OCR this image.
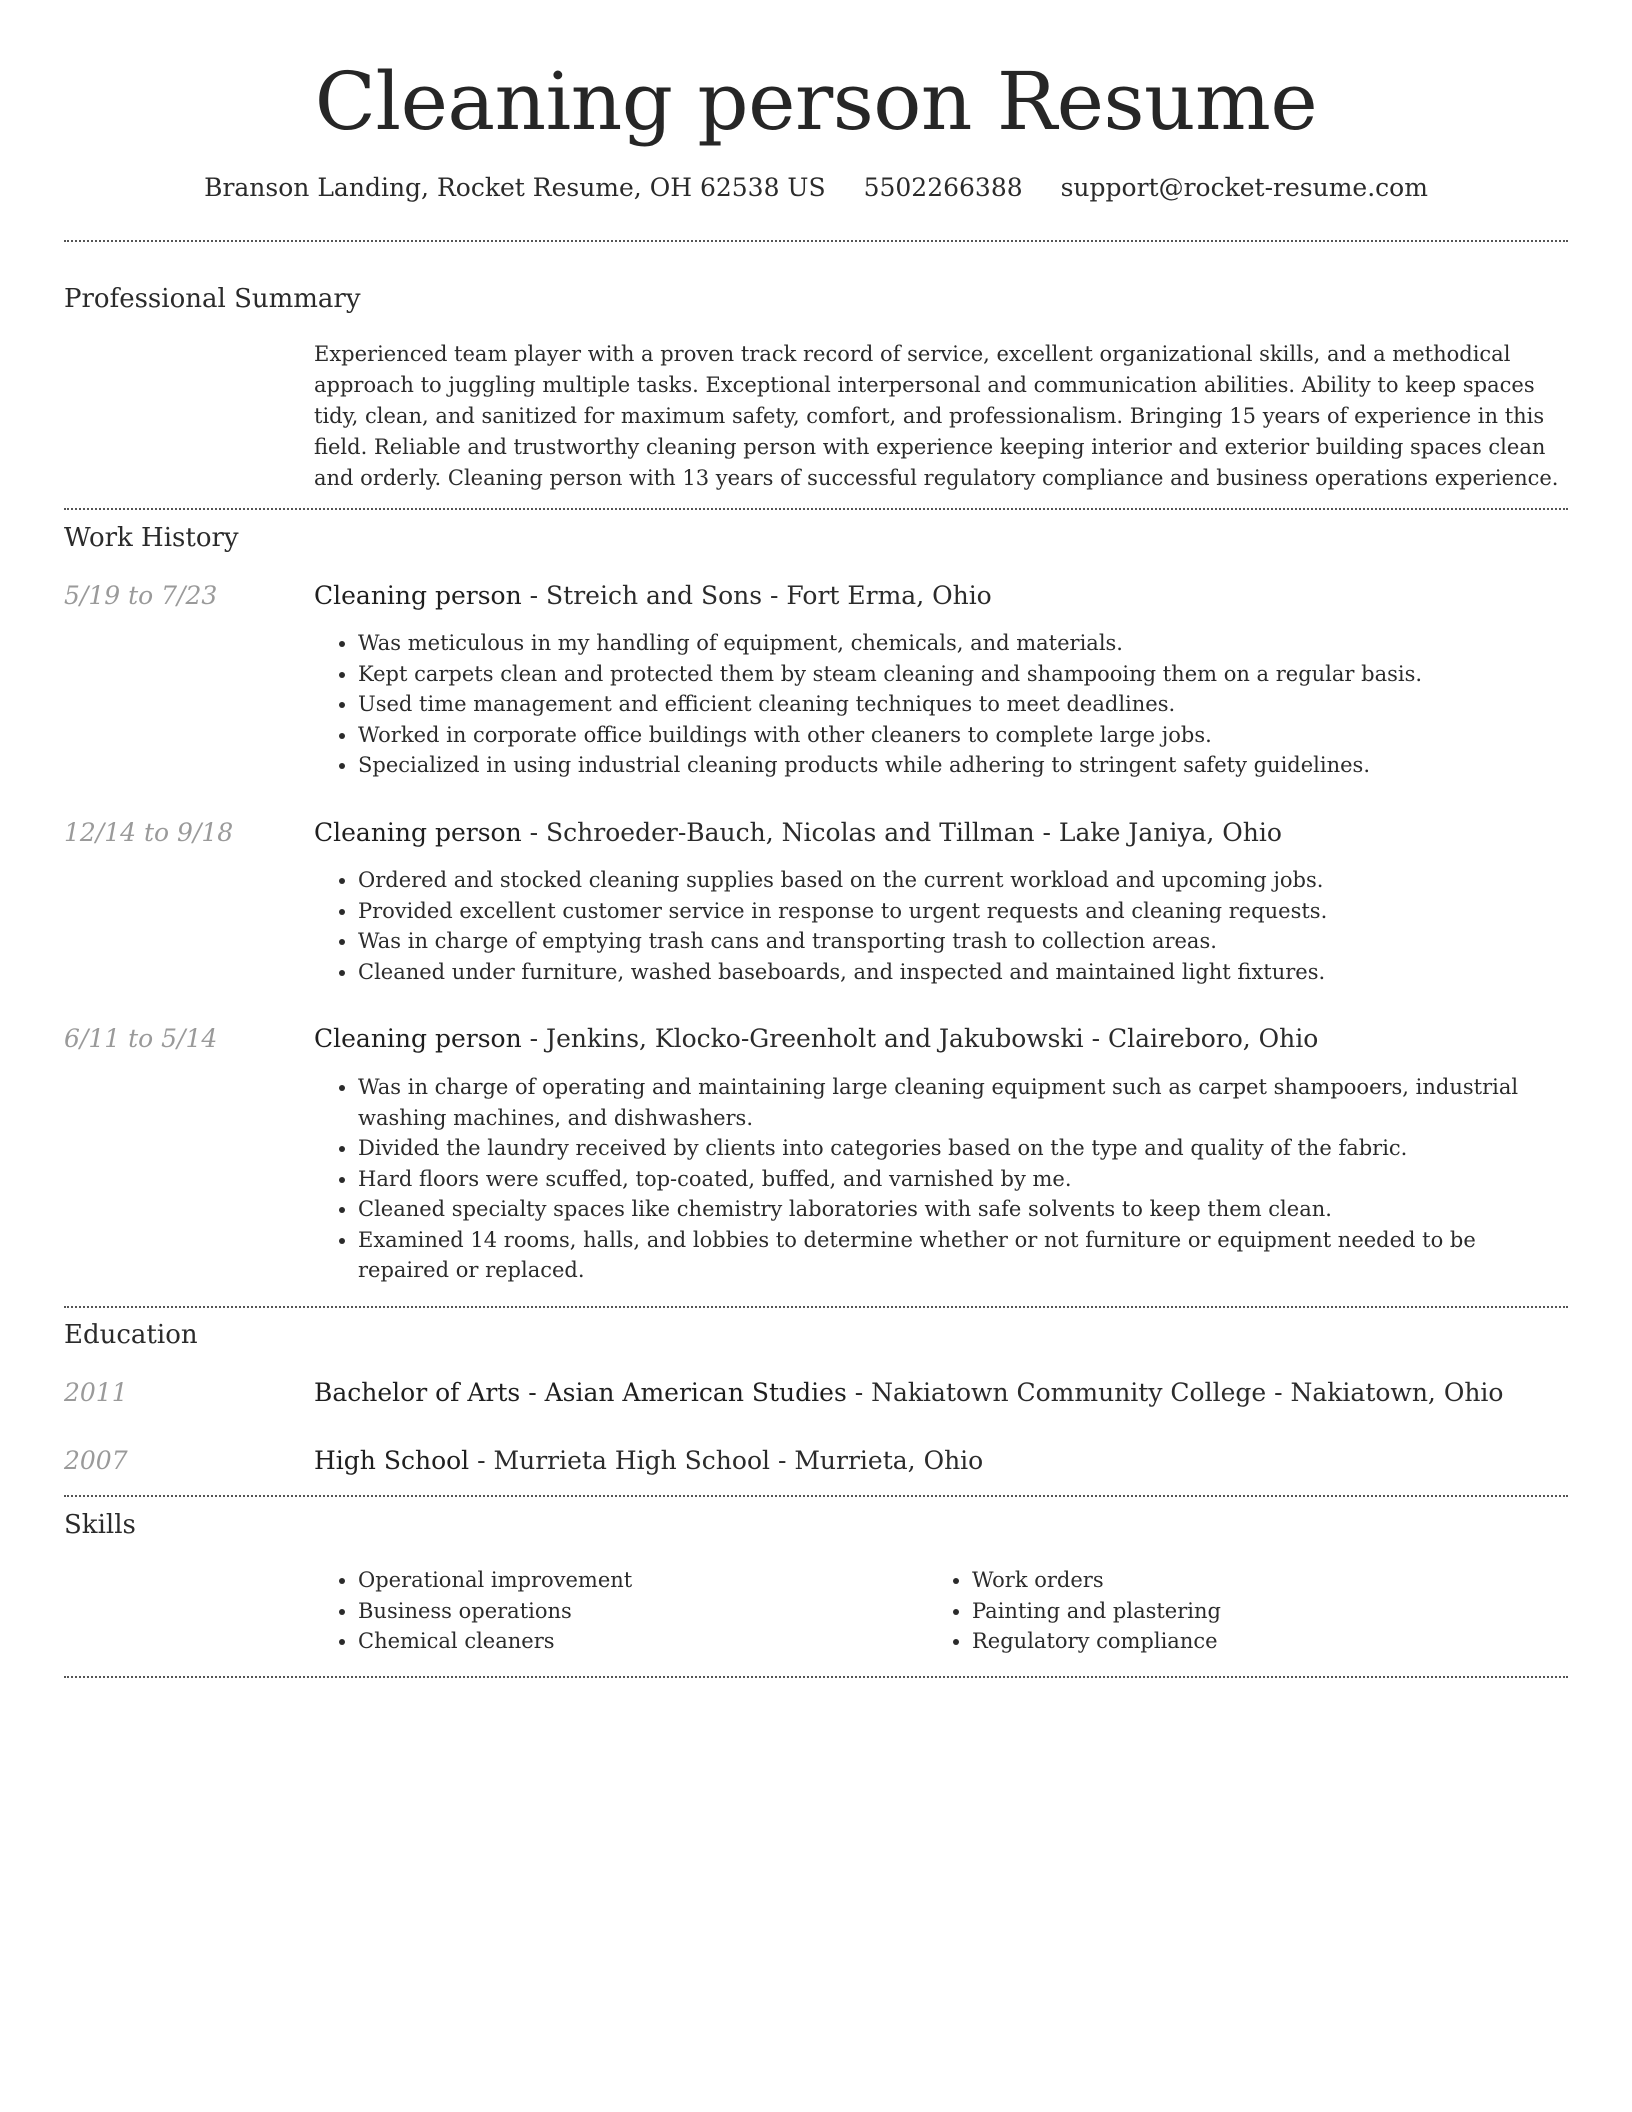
Cleaning person Resume
Branson Landing, Rocket Resume, OH 62538 US 5502266388 support@rocket-resume.com
Professional Summary
Experienced team player with a proven track record of service, excellent organizational skills, and a methodical approach to juggling multiple tasks. Exceptional interpersonal and communication abilities. Ability to keep spaces tidy, clean, and sanitized for maximum safety, comfort, and professionalism. Bringing 15 years of experience in this field. Reliable and trustworthy cleaning person with experience keeping interior and exterior building spaces clean and orderly. Cleaning person with 13 years of successful regulatory compliance and business operations experience.
Work History
5/19 to 7/23	Cleaning person - Streich and Sons - Fort Erma, Ohio
• Was meticulous in my handling of equipment, chemicals, and materials.
• Kept carpets clean and protected them by steam cleaning and shampooing them on a regular basis.
• Used time management and efficient cleaning techniques to meet deadlines.
• Worked in corporate office buildings with other cleaners to complete large jobs.
• Specialized in using industrial cleaning products while adhering to stringent safety guidelines.
12/14 to 9/18	Cleaning person - Schroeder-Bauch, Nicolas and Tillman - Lake Janiya, Ohio
• Ordered and stocked cleaning supplies based on the current workload and upcoming jobs.
• Provided excellent customer service in response to urgent requests and cleaning requests.
• Was in charge of emptying trash cans and transporting trash to collection areas.
• Cleaned under furniture, washed baseboards, and inspected and maintained light fixtures.
6/11 to 5/14	Cleaning person - Jenkins, Klocko-Greenholt and Jakubowski - Claireboro, Ohio
• Was in charge of operating and maintaining large cleaning equipment such as carpet shampooers, industrial washing machines, and dishwashers.
• Divided the laundry received by clients into categories based on the type and quality of the fabric.
• Hard floors were scuffed, top-coated, buffed, and varnished by me.
• Cleaned specialty spaces like chemistry laboratories with safe solvents to keep them clean.
• Examined 14 rooms, halls, and lobbies to determine whether or not furniture or equipment needed to be repaired or replaced.
Education
2011	Bachelor of Arts - Asian American Studies - Nakiatown Community College - Nakiatown, Ohio
2007	High School - Murrieta High School - Murrieta, Ohio
Skills
• Operational improvement
• Business operations
• Chemical cleaners
• Work orders
• Painting and plastering
• Regulatory compliance
